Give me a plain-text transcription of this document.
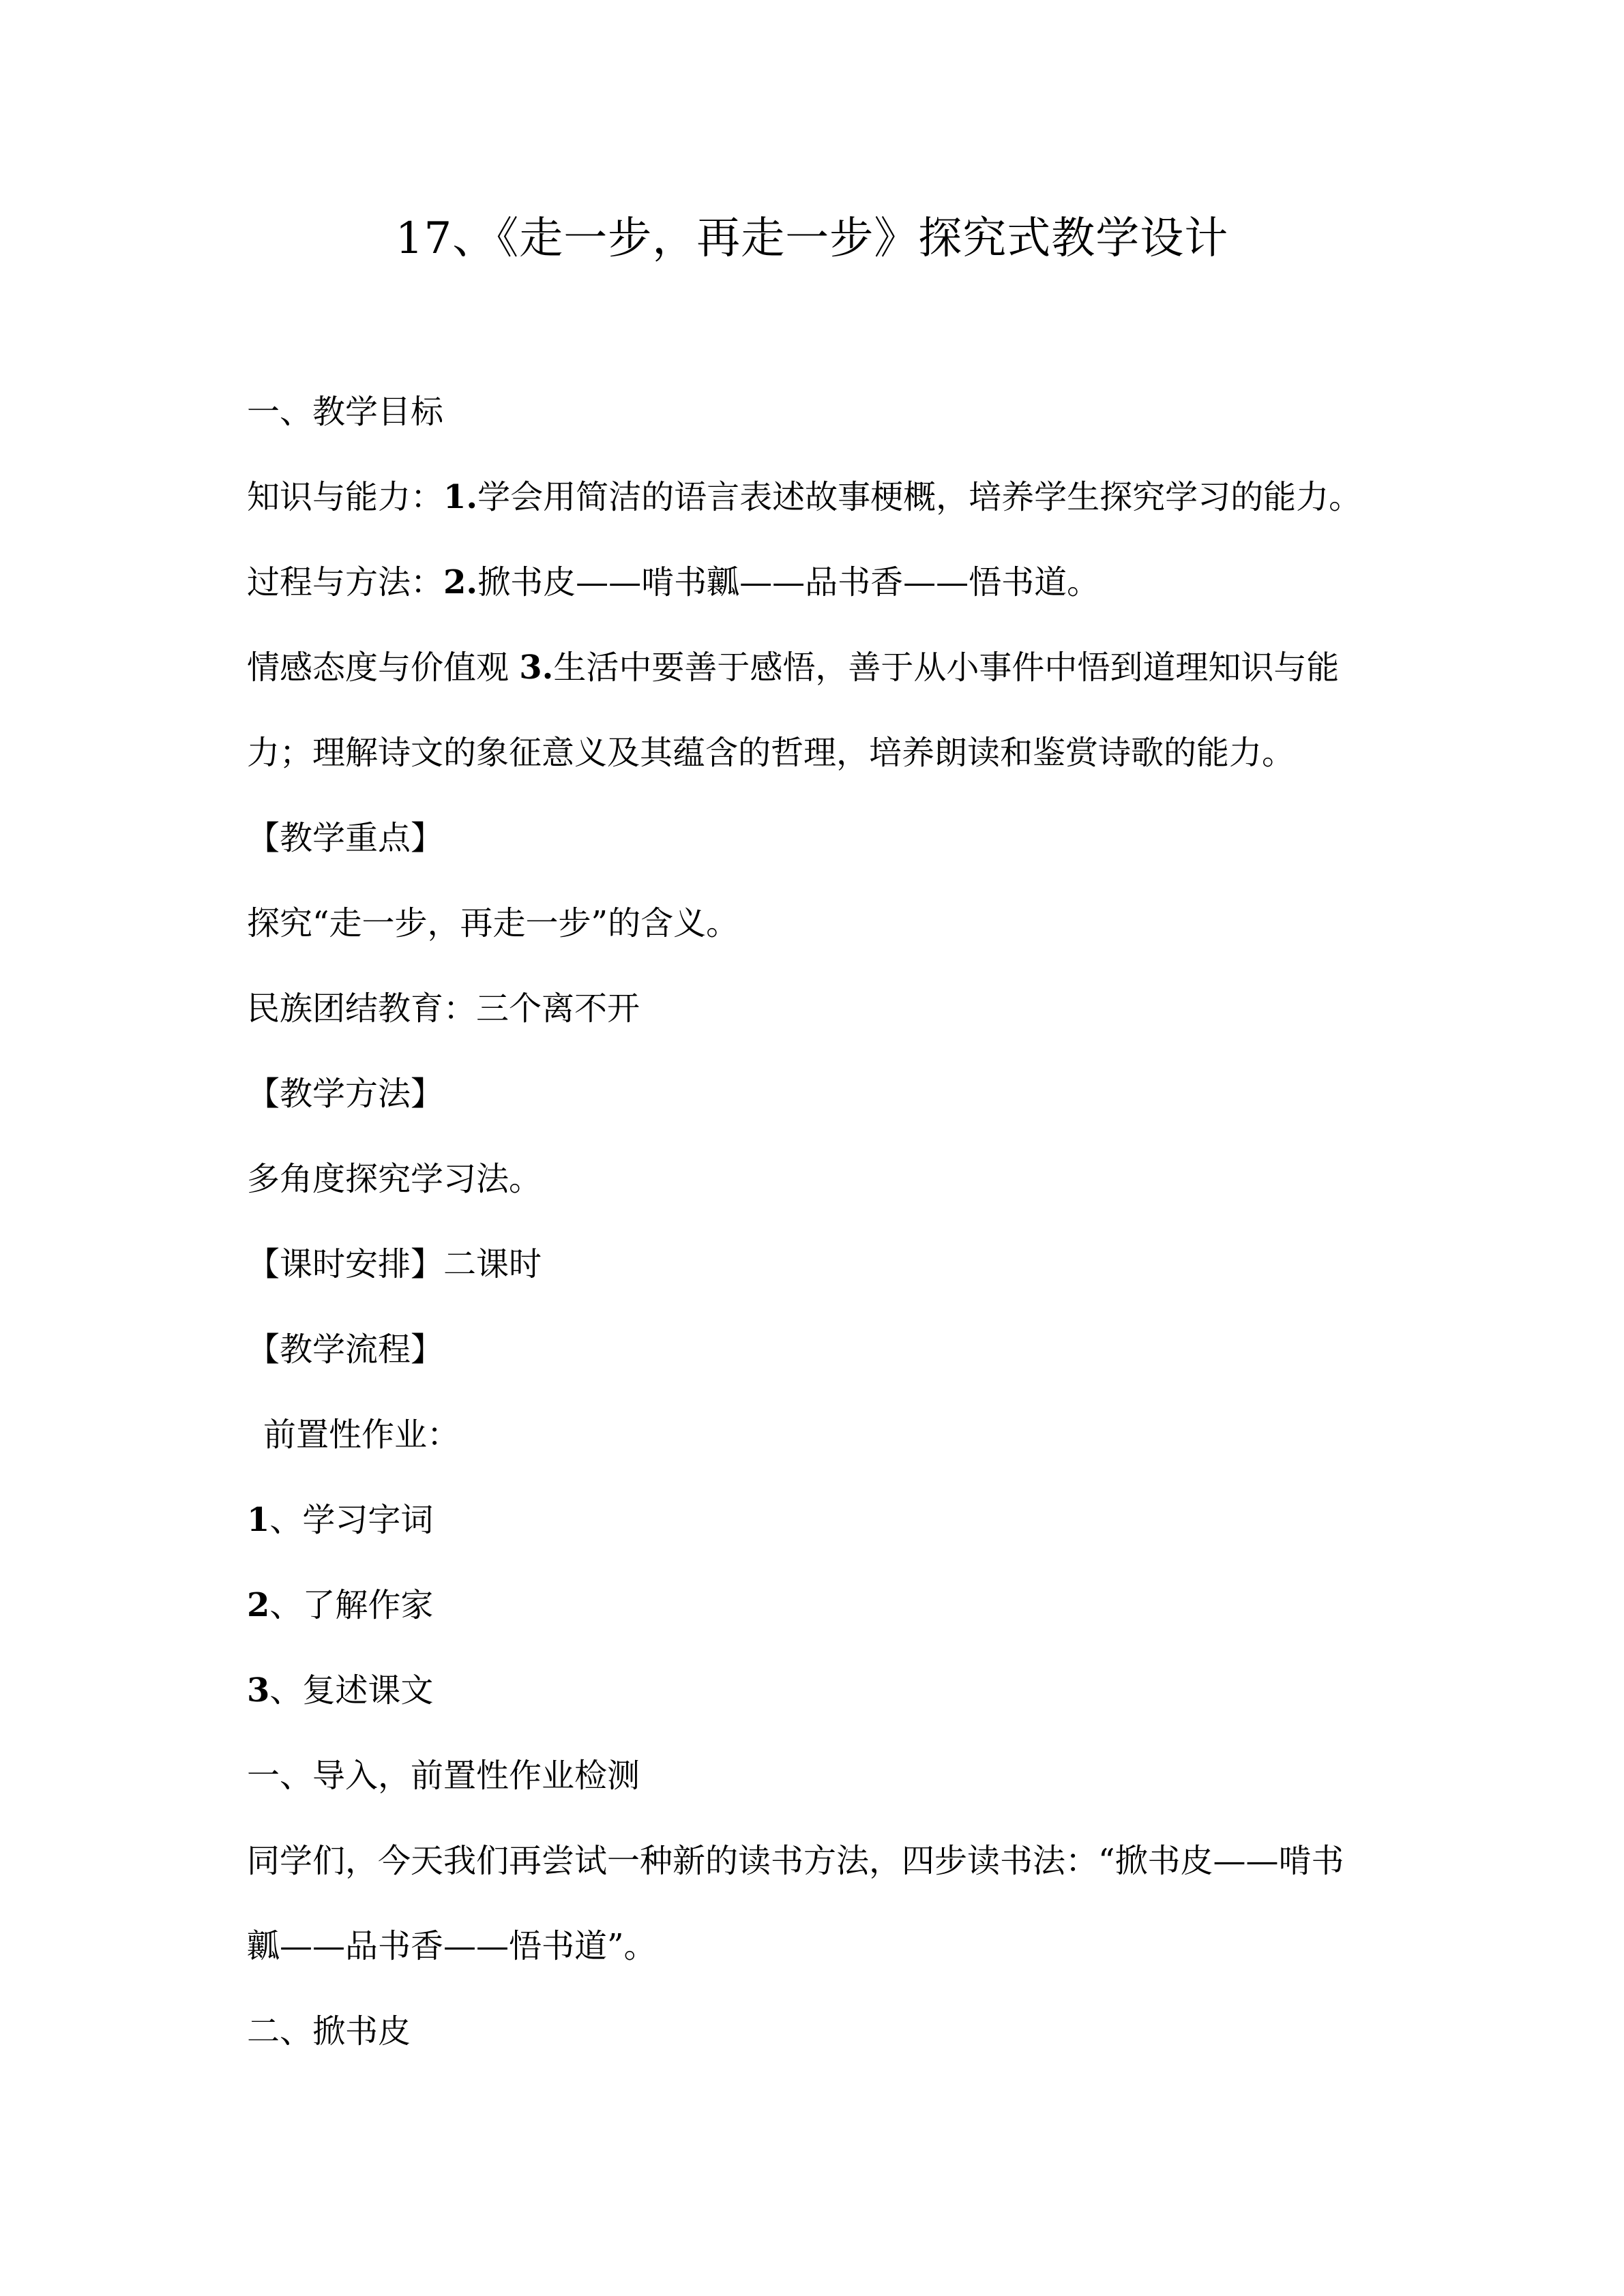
17、《走一步，再走一步》探究式教学设计
一、教学目标
知识与能力：1.学会用简洁的语言表述故事梗概，培养学生探究学习的能力。
过程与方法：2.掀书皮——啃书瓤——品书香——悟书道。
情感态度与价值观 3.生活中要善于感悟，善于从小事件中悟到道理知识与能
力；理解诗文的象征意义及其蕴含的哲理，培养朗读和鉴赏诗歌的能力。
【教学重点】
探究“走一步，再走一步”的含义。
民族团结教育：三个离不开
【教学方法】
多角度探究学习法。
【课时安排】二课时
【教学流程】
前置性作业：
1、学习字词
2、了解作家
3、复述课文
一、导入，前置性作业检测
同学们，今天我们再尝试一种新的读书方法，四步读书法：“掀书皮——啃书
瓤——品书香——悟书道”。
二、掀书皮
